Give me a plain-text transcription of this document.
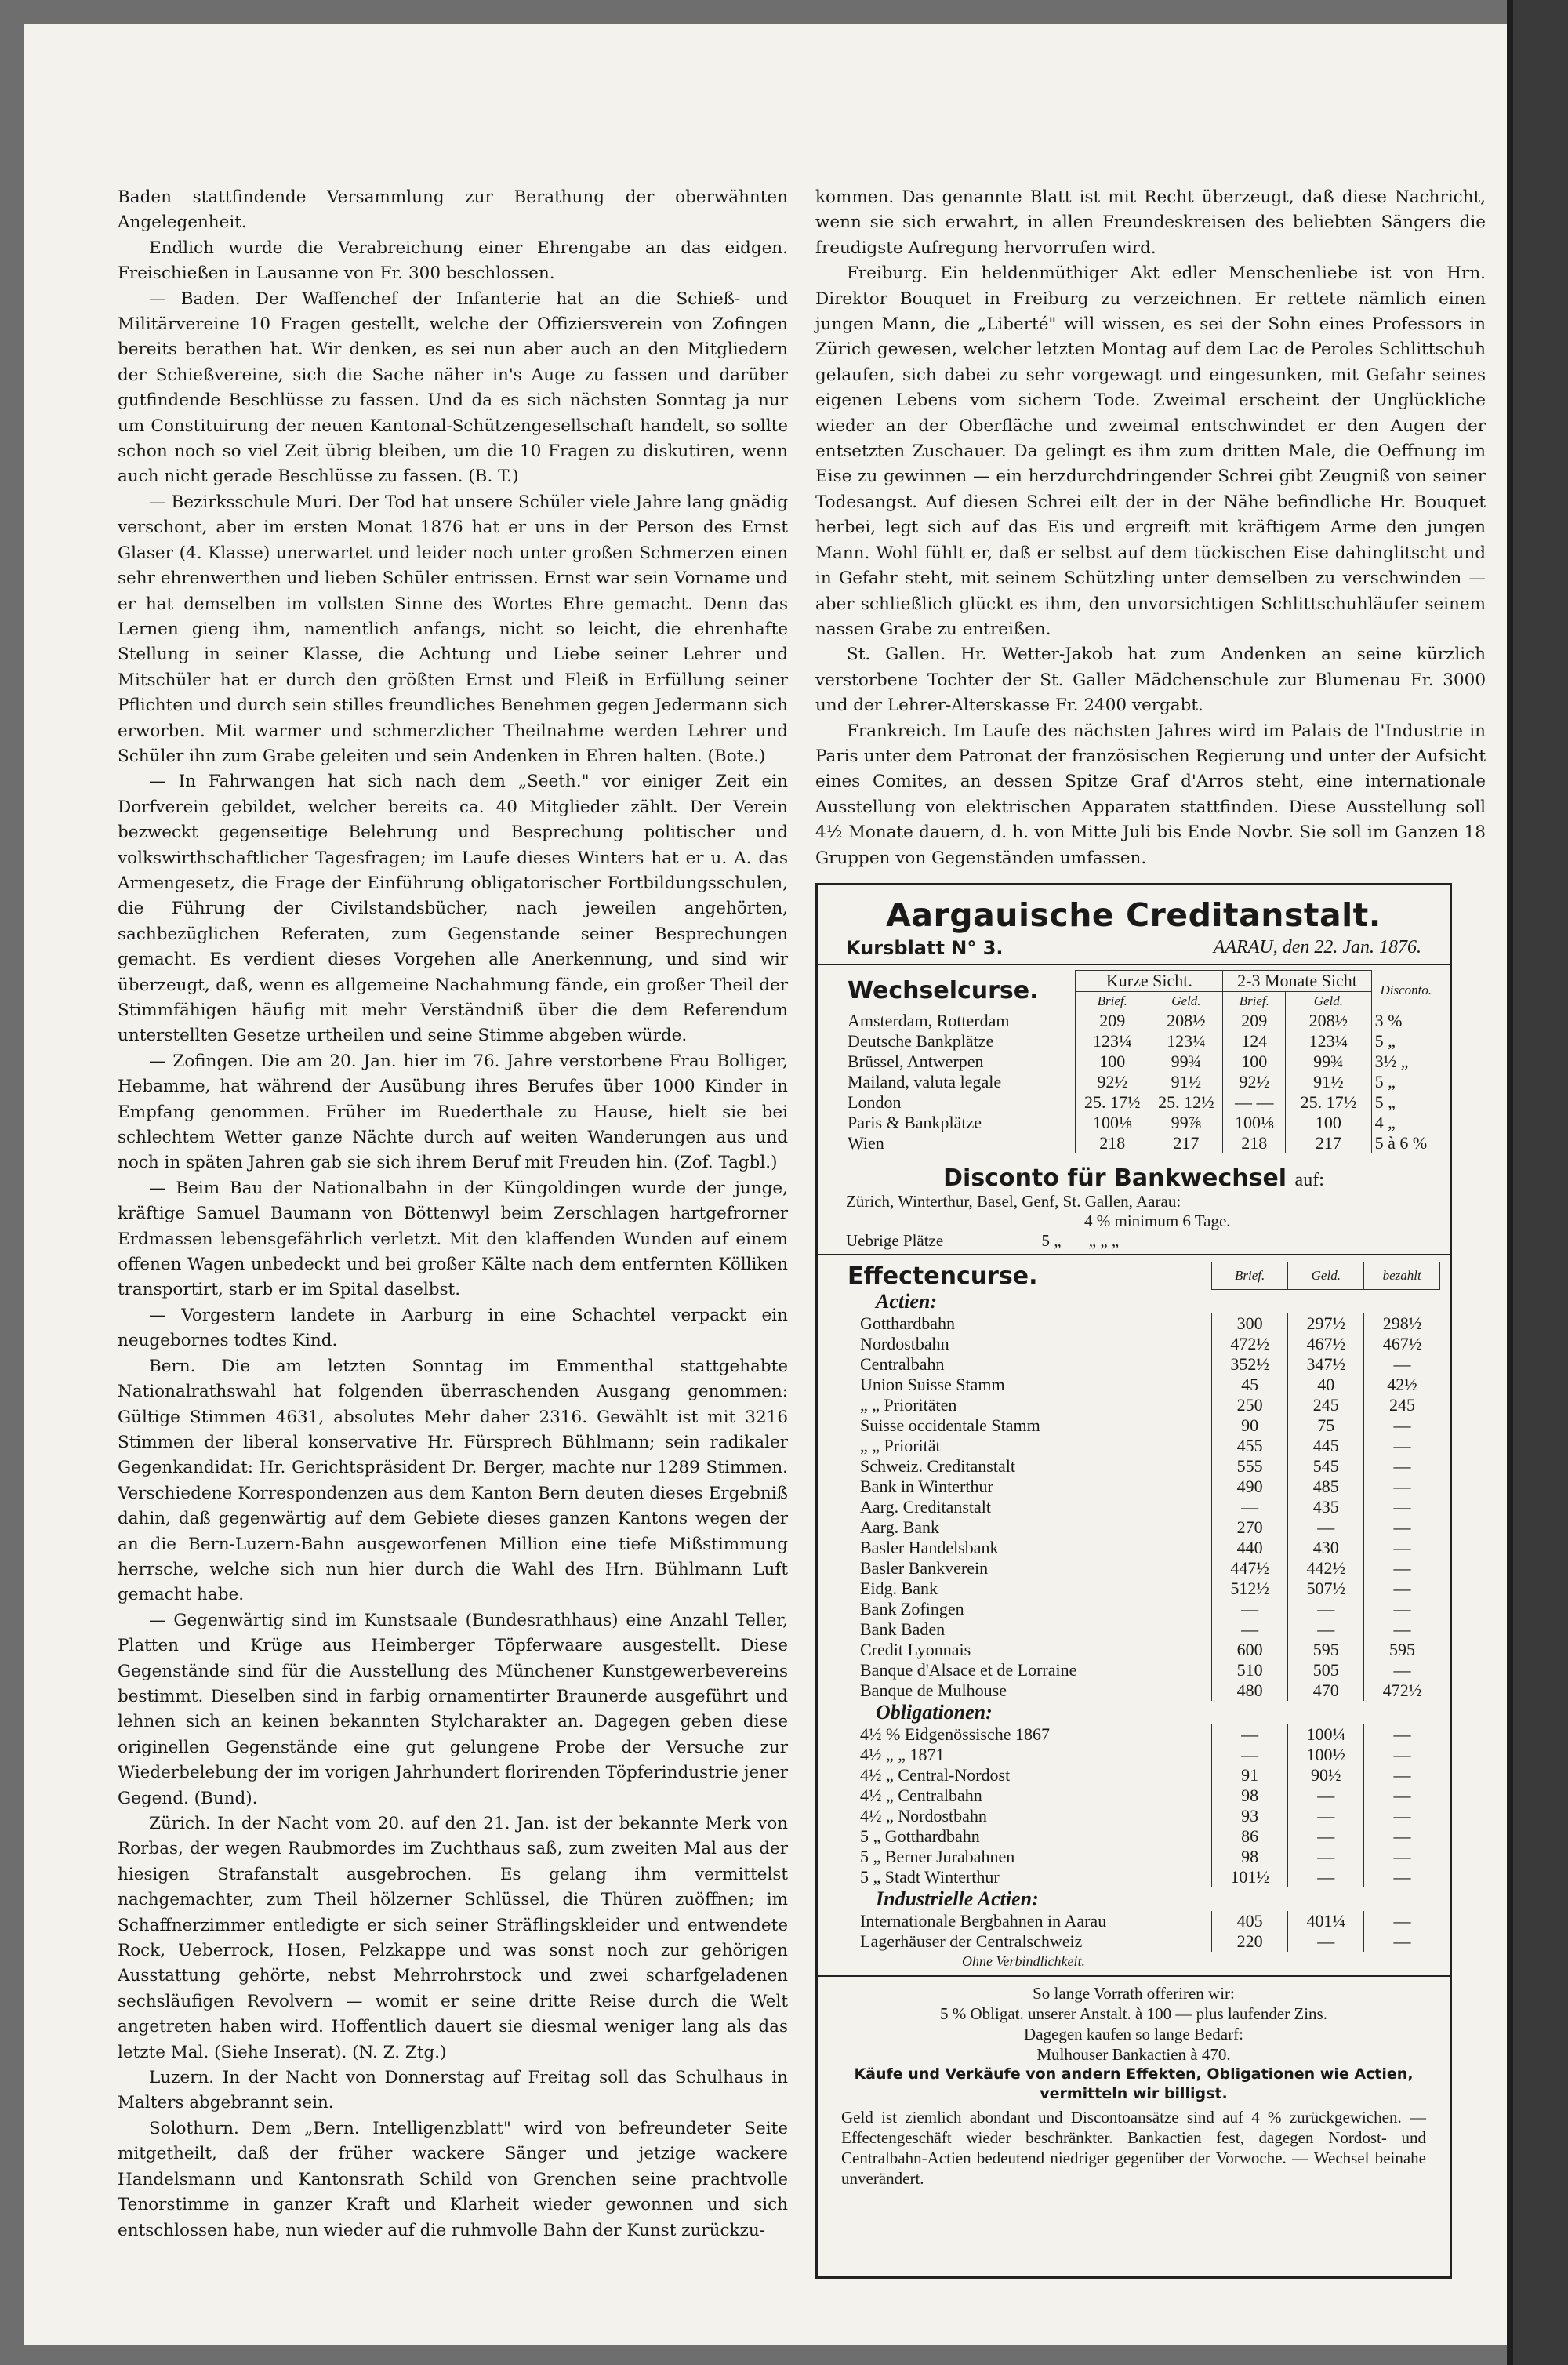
Baden stattfindende Versammlung zur Berathung der oberwähnten Angelegenheit.

Endlich wurde die Verabreichung einer Ehrengabe an das eidgen. Freischießen in Lausanne von Fr. 300 beschlossen.

— Baden. Der Waffenchef der Infanterie hat an die Schieß- und Militärvereine 10 Fragen gestellt, welche der Offiziersverein von Zofingen bereits berathen hat. Wir denken, es sei nun aber auch an den Mitgliedern der Schießvereine, sich die Sache näher in's Auge zu fassen und darüber gutfindende Beschlüsse zu fassen. Und da es sich nächsten Sonntag ja nur um Constituirung der neuen Kantonal-Schützengesellschaft handelt, so sollte schon noch so viel Zeit übrig bleiben, um die 10 Fragen zu diskutiren, wenn auch nicht gerade Beschlüsse zu fassen. (B. T.)

— Bezirksschule Muri. Der Tod hat unsere Schüler viele Jahre lang gnädig verschont, aber im ersten Monat 1876 hat er uns in der Person des Ernst Glaser (4. Klasse) unerwartet und leider noch unter großen Schmerzen einen sehr ehrenwerthen und lieben Schüler entrissen. Ernst war sein Vorname und er hat demselben im vollsten Sinne des Wortes Ehre gemacht. Denn das Lernen gieng ihm, namentlich anfangs, nicht so leicht, die ehrenhafte Stellung in seiner Klasse, die Achtung und Liebe seiner Lehrer und Mitschüler hat er durch den größten Ernst und Fleiß in Erfüllung seiner Pflichten und durch sein stilles freundliches Benehmen gegen Jedermann sich erworben. Mit warmer und schmerzlicher Theilnahme werden Lehrer und Schüler ihn zum Grabe geleiten und sein Andenken in Ehren halten. (Bote.)

— In Fahrwangen hat sich nach dem „Seeth." vor einiger Zeit ein Dorfverein gebildet, welcher bereits ca. 40 Mitglieder zählt. Der Verein bezweckt gegenseitige Belehrung und Besprechung politischer und volkswirthschaftlicher Tagesfragen; im Laufe dieses Winters hat er u. A. das Armengesetz, die Frage der Einführung obligatorischer Fortbildungsschulen, die Führung der Civilstandsbücher, nach jeweilen angehörten, sachbezüglichen Referaten, zum Gegenstande seiner Besprechungen gemacht. Es verdient dieses Vorgehen alle Anerkennung, und sind wir überzeugt, daß, wenn es allgemeine Nachahmung fände, ein großer Theil der Stimmfähigen häufig mit mehr Verständniß über die dem Referendum unterstellten Gesetze urtheilen und seine Stimme abgeben würde.

— Zofingen. Die am 20. Jan. hier im 76. Jahre verstorbene Frau Bolliger, Hebamme, hat während der Ausübung ihres Berufes über 1000 Kinder in Empfang genommen. Früher im Ruederthale zu Hause, hielt sie bei schlechtem Wetter ganze Nächte durch auf weiten Wanderungen aus und noch in späten Jahren gab sie sich ihrem Beruf mit Freuden hin. (Zof. Tagbl.)

— Beim Bau der Nationalbahn in der Küngoldingen wurde der junge, kräftige Samuel Baumann von Böttenwyl beim Zerschlagen hartgefrorner Erdmassen lebensgefährlich verletzt. Mit den klaffenden Wunden auf einem offenen Wagen unbedeckt und bei großer Kälte nach dem entfernten Kölliken transportirt, starb er im Spital daselbst.

— Vorgestern landete in Aarburg in eine Schachtel verpackt ein neugebornes todtes Kind.

Bern. Die am letzten Sonntag im Emmenthal stattgehabte Nationalrathswahl hat folgenden überraschenden Ausgang genommen: Gültige Stimmen 4631, absolutes Mehr daher 2316. Gewählt ist mit 3216 Stimmen der liberal konservative Hr. Fürsprech Bühlmann; sein radikaler Gegenkandidat: Hr. Gerichtspräsident Dr. Berger, machte nur 1289 Stimmen. Verschiedene Korrespondenzen aus dem Kanton Bern deuten dieses Ergebniß dahin, daß gegenwärtig auf dem Gebiete dieses ganzen Kantons wegen der an die Bern-Luzern-Bahn ausgeworfenen Million eine tiefe Mißstimmung herrsche, welche sich nun hier durch die Wahl des Hrn. Bühlmann Luft gemacht habe.

— Gegenwärtig sind im Kunstsaale (Bundesrathhaus) eine Anzahl Teller, Platten und Krüge aus Heimberger Töpferwaare ausgestellt. Diese Gegenstände sind für die Ausstellung des Münchener Kunstgewerbevereins bestimmt. Dieselben sind in farbig ornamentirter Braunerde ausgeführt und lehnen sich an keinen bekannten Stylcharakter an. Dagegen geben diese originellen Gegenstände eine gut gelungene Probe der Versuche zur Wiederbelebung der im vorigen Jahrhundert florirenden Töpferindustrie jener Gegend. (Bund).

Zürich. In der Nacht vom 20. auf den 21. Jan. ist der bekannte Merk von Rorbas, der wegen Raubmordes im Zuchthaus saß, zum zweiten Mal aus der hiesigen Strafanstalt ausgebrochen. Es gelang ihm vermittelst nachgemachter, zum Theil hölzerner Schlüssel, die Thüren zuöffnen; im Schaffnerzimmer entledigte er sich seiner Sträflingskleider und entwendete Rock, Ueberrock, Hosen, Pelzkappe und was sonst noch zur gehörigen Ausstattung gehörte, nebst Mehrrohrstock und zwei scharfgeladenen sechsläufigen Revolvern — womit er seine dritte Reise durch die Welt angetreten haben wird. Hoffentlich dauert sie diesmal weniger lang als das letzte Mal. (Siehe Inserat). (N. Z. Ztg.)

Luzern. In der Nacht von Donnerstag auf Freitag soll das Schulhaus in Malters abgebrannt sein.

Solothurn. Dem „Bern. Intelligenzblatt" wird von befreundeter Seite mitgetheilt, daß der früher wackere Sänger und jetzige wackere Handelsmann und Kantonsrath Schild von Grenchen seine prachtvolle Tenorstimme in ganzer Kraft und Klarheit wieder gewonnen und sich entschlossen habe, nun wieder auf die ruhmvolle Bahn der Kunst zurückzu-

kommen. Das genannte Blatt ist mit Recht überzeugt, daß diese Nachricht, wenn sie sich erwahrt, in allen Freundeskreisen des beliebten Sängers die freudigste Aufregung hervorrufen wird.

Freiburg. Ein heldenmüthiger Akt edler Menschenliebe ist von Hrn. Direktor Bouquet in Freiburg zu verzeichnen. Er rettete nämlich einen jungen Mann, die „Liberté" will wissen, es sei der Sohn eines Professors in Zürich gewesen, welcher letzten Montag auf dem Lac de Peroles Schlittschuh gelaufen, sich dabei zu sehr vorgewagt und eingesunken, mit Gefahr seines eigenen Lebens vom sichern Tode. Zweimal erscheint der Unglückliche wieder an der Oberfläche und zweimal entschwindet er den Augen der entsetzten Zuschauer. Da gelingt es ihm zum dritten Male, die Oeffnung im Eise zu gewinnen — ein herzdurchdringender Schrei gibt Zeugniß von seiner Todesangst. Auf diesen Schrei eilt der in der Nähe befindliche Hr. Bouquet herbei, legt sich auf das Eis und ergreift mit kräftigem Arme den jungen Mann. Wohl fühlt er, daß er selbst auf dem tückischen Eise dahinglitscht und in Gefahr steht, mit seinem Schützling unter demselben zu verschwinden — aber schließlich glückt es ihm, den unvorsichtigen Schlittschuhläufer seinem nassen Grabe zu entreißen.

St. Gallen. Hr. Wetter-Jakob hat zum Andenken an seine kürzlich verstorbene Tochter der St. Galler Mädchenschule zur Blumenau Fr. 3000 und der Lehrer-Alterskasse Fr. 2400 vergabt.

Frankreich. Im Laufe des nächsten Jahres wird im Palais de l'Industrie in Paris unter dem Patronat der französischen Regierung und unter der Aufsicht eines Comites, an dessen Spitze Graf d'Arros steht, eine internationale Ausstellung von elektrischen Apparaten stattfinden. Diese Ausstellung soll 4½ Monate dauern, d. h. von Mitte Juli bis Ende Novbr. Sie soll im Ganzen 18 Gruppen von Gegenständen umfassen.

Aargauische Creditanstalt.
Kursblatt N° 3.	AARAU, den 22. Jan. 1876.
Wechselcurse.	Kurze Sicht.		2-3 Monate Sicht		Disconto.
	Brief.	Geld.	Brief.	Geld.	
Amsterdam, Rotterdam	209	208½	209	208½	3 %
Deutsche Bankplätze	123¼	123¼	124	123¼	5 „
Brüssel, Antwerpen	100	99¾	100	99¾	3½ „
Mailand, valuta legale	92½	91½	92½	91½	5 „
London	25. 17½	25. 12½	— —	25. 17½	5 „
Paris & Bankplätze	100⅛	99⅞	100⅛	100	4 „
Wien	218	217	218	217	5 à 6 %
Disconto für Bankwechsel auf:
Zürich, Winterthur, Basel, Genf, St. Gallen, Aarau:
4 % minimum 6 Tage.
Uebrige Plätze	5 „ „ „ „
Effectencurse.	Brief.	Geld.	bezahlt
Actien:			
Gotthardbahn	300	297½	298½
Nordostbahn	472½	467½	467½
Centralbahn	352½	347½	—
Union Suisse Stamm	45	40	42½
„ „ Prioritäten	250	245	245
Suisse occidentale Stamm	90	75	—
„ „ Priorität	455	445	—
Schweiz. Creditanstalt	555	545	—
Bank in Winterthur	490	485	—
Aarg. Creditanstalt	—	435	—
Aarg. Bank	270	—	—
Basler Handelsbank	440	430	—
Basler Bankverein	447½	442½	—
Eidg. Bank	512½	507½	—
Bank Zofingen	—	—	—
Bank Baden	—	—	—
Credit Lyonnais	600	595	595
Banque d'Alsace et de Lorraine	510	505	—
Banque de Mulhouse	480	470	472½
Obligationen:			
4½ % Eidgenössische 1867	—	100¼	—
4½ „ „ 1871	—	100½	—
4½ „ Central-Nordost	91	90½	—
4½ „ Centralbahn	98	—	—
4½ „ Nordostbahn	93	—	—
5 „ Gotthardbahn	86	—	—
5 „ Berner Jurabahnen	98	—	—
5 „ Stadt Winterthur	101½	—	—
Industrielle Actien:			
Internationale Bergbahnen in Aarau	405	401¼	—
Lagerhäuser der Centralschweiz	220	—	—
Ohne Verbindlichkeit.			
So lange Vorrath offeriren wir:
5 % Obligat. unserer Anstalt. à 100 — plus laufender Zins.
Dagegen kaufen so lange Bedarf:
Mulhouser Bankactien à 470.
Käufe und Verkäufe von andern Effekten, Obligationen wie Actien,
vermitteln wir billigst.
Geld ist ziemlich abondant und Discontoansätze sind auf 4 % zurückgewichen. — Effectengeschäft wieder beschränkter. Bankactien fest, dagegen Nordost- und Centralbahn-Actien bedeutend niedriger gegenüber der Vorwoche. — Wechsel beinahe unverändert.
